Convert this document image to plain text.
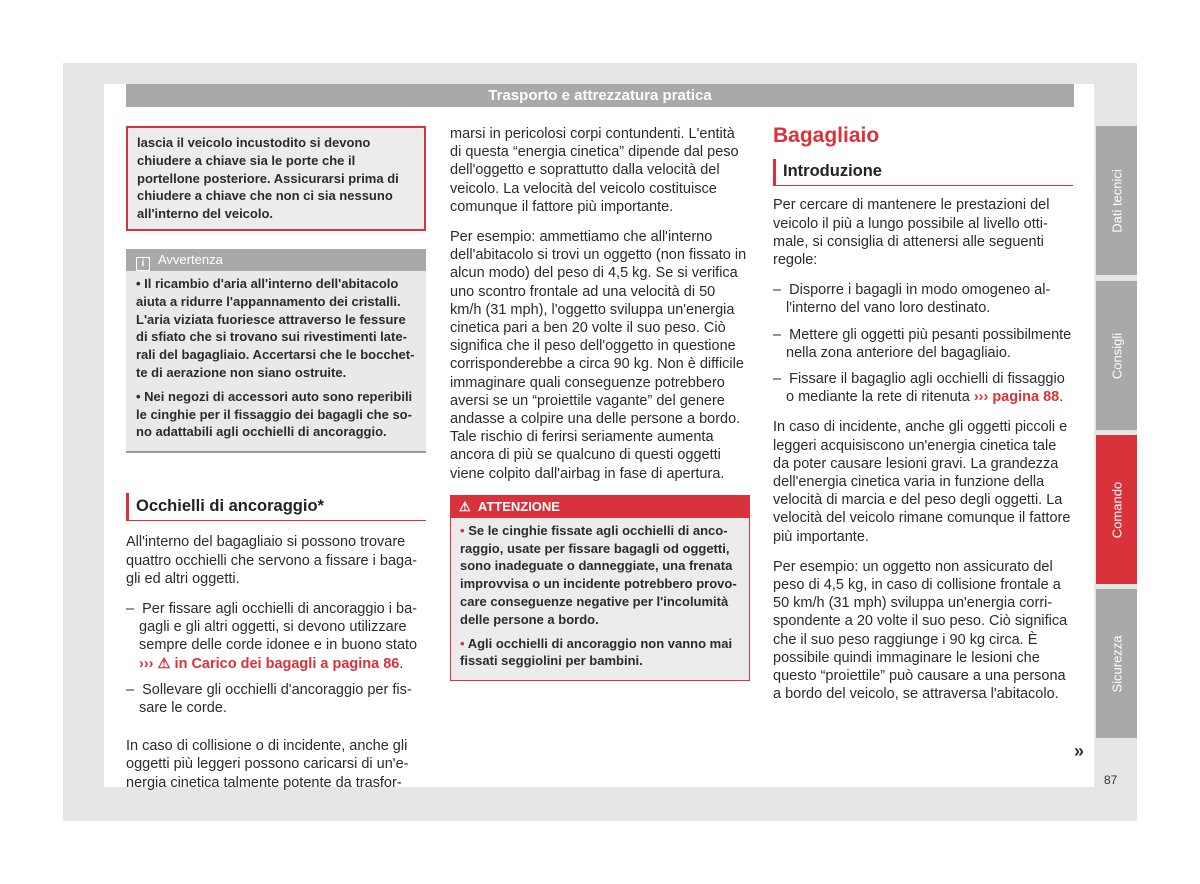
Trasporto e attrezzatura pratica
lascia il veicolo incustodito si devono chiudere a chiave sia le porte che il portellone posteriore. Assicurarsi prima di chiudere a chiave che non ci sia nessuno all'interno del veicolo.
i Avvertenza
• Il ricambio d'aria all'interno dell'abitacolo aiuta a ridurre l'appannamento dei cristalli. L'aria viziata fuoriesce attraverso le fessure di sfiato che si trovano sui rivestimenti laterali del bagagliaio. Accertarsi che le bocchette di aerazione non siano ostruite.
• Nei negozi di accessori auto sono reperibili le cinghie per il fissaggio dei bagagli che sono adattabili agli occhielli di ancoraggio.
Occhielli di ancoraggio*

All'interno del bagagliaio si possono trovare quattro occhielli che servono a fissare i bagagli ed altri oggetti.

–  Per fissare agli occhielli di ancoraggio i bagagli e gli altri oggetti, si devono utilizzare sempre delle corde idonee e in buono stato ››› ⚠ in Carico dei bagagli a pagina 86.
–  Sollevare gli occhielli d'ancoraggio per fissare le corde.

In caso di collisione o di incidente, anche gli oggetti più leggeri possono caricarsi di un'energia cinetica talmente potente da trasfor-

marsi in pericolosi corpi contundenti. L'entità di questa “energia cinetica” dipende dal peso dell'oggetto e soprattutto dalla velocità del veicolo. La velocità del veicolo costituisce comunque il fattore più importante.

Per esempio: ammettiamo che all'interno dell'abitacolo si trovi un oggetto (non fissato in alcun modo) del peso di 4,5 kg. Se si verifica uno scontro frontale ad una velocità di 50 km/h (31 mph), l'oggetto sviluppa un'energia cinetica pari a ben 20 volte il suo peso. Ciò significa che il peso dell'oggetto in questione corrisponderebbe a circa 90 kg. Non è difficile immaginare quali conseguenze potrebbero aversi se un “proiettile vagante” del genere andasse a colpire una delle persone a bordo. Tale rischio di ferirsi seriamente aumenta ancora di più se qualcuno di questi oggetti viene colpito dall'airbag in fase di apertura.

⚠ ATTENZIONE
• Se le cinghie fissate agli occhielli di ancoraggio, usate per fissare bagagli od oggetti, sono inadeguate o danneggiate, una frenata improvvisa o un incidente potrebbero provocare conseguenze negative per l'incolumità delle persone a bordo.
• Agli occhielli di ancoraggio non vanno mai fissati seggiolini per bambini.
Bagagliaio
Introduzione

Per cercare di mantenere le prestazioni del veicolo il più a lungo possibile al livello ottimale, si consiglia di attenersi alle seguenti regole:

–  Disporre i bagagli in modo omogeneo all'interno del vano loro destinato.
–  Mettere gli oggetti più pesanti possibilmente nella zona anteriore del bagagliaio.
–  Fissare il bagaglio agli occhielli di fissaggio o mediante la rete di ritenuta ››› pagina 88.

In caso di incidente, anche gli oggetti piccoli e leggeri acquisiscono un'energia cinetica tale da poter causare lesioni gravi. La grandezza dell'energia cinetica varia in funzione della velocità di marcia e del peso degli oggetti. La velocità del veicolo rimane comunque il fattore più importante.

Per esempio: un oggetto non assicurato del peso di 4,5 kg, in caso di collisione frontale a 50 km/h (31 mph) sviluppa un'energia corrispondente a 20 volte il suo peso. Ciò significa che il suo peso raggiunge i 90 kg circa. È possibile quindi immaginare le lesioni che questo “proiettile” può causare a una persona a bordo del veicolo, se attraversa l'abitacolo.

Dati tecnici
Consigli
Comando
Sicurezza
»
87
